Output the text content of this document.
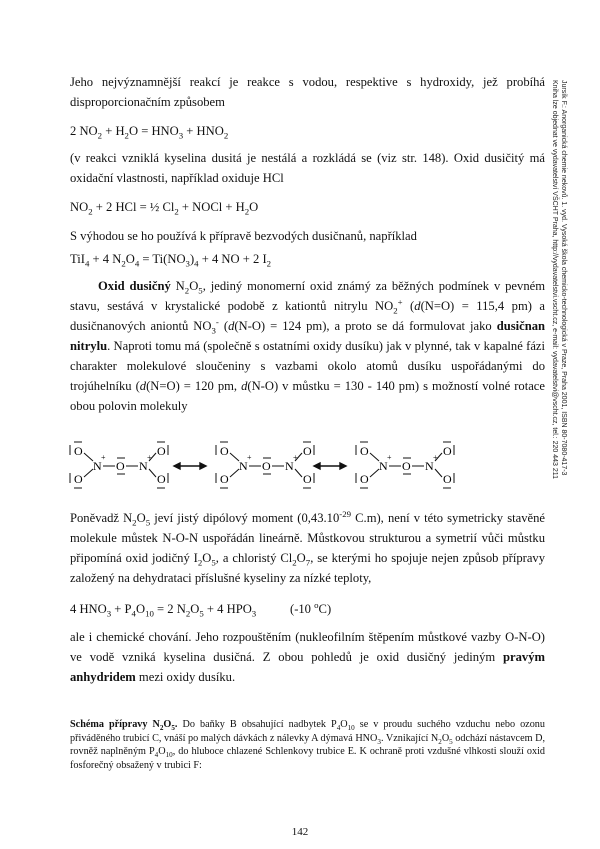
Jursík F.: Anorganická chemie nekovů. 1. vyd. Vysoká škola chemicko-technologická v Praze, Praha 2001, ISBN 80-7080-417-3
Kniha lze objednat ve vydavatelství VŠCHT Praha, http://vydavatelstvi.vscht.cz, e-mail: vydavatelstvi@vscht.cz, tel.: 220 443 211

Jeho nejvýznamnější reakcí je reakce s vodou, respektive s hydroxidy, jež probíhá disproporcionačním způsobem

2 $NO_2 + H_2O = HNO_3 + HNO_2$

(v reakci vzniklá kyselina dusitá je nestálá a rozkládá se (viz str. 148). Oxid dusičitý má oxidační vlastnosti, například oxiduje HCl

$NO_2 + 2$ HCl = ½ $Cl_2$ + NOCl + $H_2O$

S výhodou se ho používá k přípravě bezvodých dusičnanů, například

TiI$_4$ + 4 $N_2O_4 = Ti(NO_3)_4 + 4$ NO + 2 $I_2$

Oxid dusičný $N_2O_5$, jediný monomerní oxid známý za běžných podmínek v pevném stavu, sestává v krystalické podobě z kationtů nitrylu $NO_2^+$ (d(N=O) = 115,4 pm) a dusičnanových aniontů $NO_3^-$ (d(N-O) = 124 pm), a proto se dá formulovat jako dusičnan nitrylu. Naproti tomu má (společně s ostatními oxidy dusíku) jak v plynné, tak v kapalné fázi charakter molekulové sloučeniny s vazbami okolo atomů dusíku uspořádanými do trojúhelníku (d(N=O) = 120 pm, d(N-O) v můstku = 130 - 140 pm) s možností volné rotace obou polovin molekuly

O
O
N O N
O
O
+	+	O
O
N O N
O
O
+	+	O
O
N O N
O
O
+	+

Poněvadž $N_2O_5$ jeví jistý dipólový moment ($0,43.10^{-29}$ C.m), není v této symetricky stavěné molekule můstek N-O-N uspořádán lineárně. Můstkovou strukturou a symetrií vůči můstku připomíná oxid jodičný $I_2O_5$, a chloristý $Cl_2O_7$, se kterými ho spojuje nejen způsob přípravy založený na dehydrataci příslušné kyseliny za nízké teploty,

4 $HNO_3 + P_4O_{10} = 2$ $N_2O_5 + 4$ $HPO_3$	(-10 $^o$C)

ale i chemické chování. Jeho rozpouštěním (nukleofilním štěpením můstkové vazby O-N-O) ve vodě vzniká kyselina dusičná. Z obou pohledů je oxid dusičný jediným pravým anhydridem mezi oxidy dusíku.

Schéma přípravy $N_2O_5$. Do baňky B obsahující nadbytek $P_4O_{10}$ se v proudu suchého vzduchu nebo ozonu přiváděného trubicí C, vnáší po malých dávkách z nálevky A dýmavá $HNO_3$. Vznikající $N_2O_5$ odchází nástavcem D, rovněž naplněným $P_4O_{10}$, do hluboce chlazené Schlenkovy trubice E. K ochraně proti vzdušné vlhkosti slouží oxid fosforečný obsažený v trubici F:

142
